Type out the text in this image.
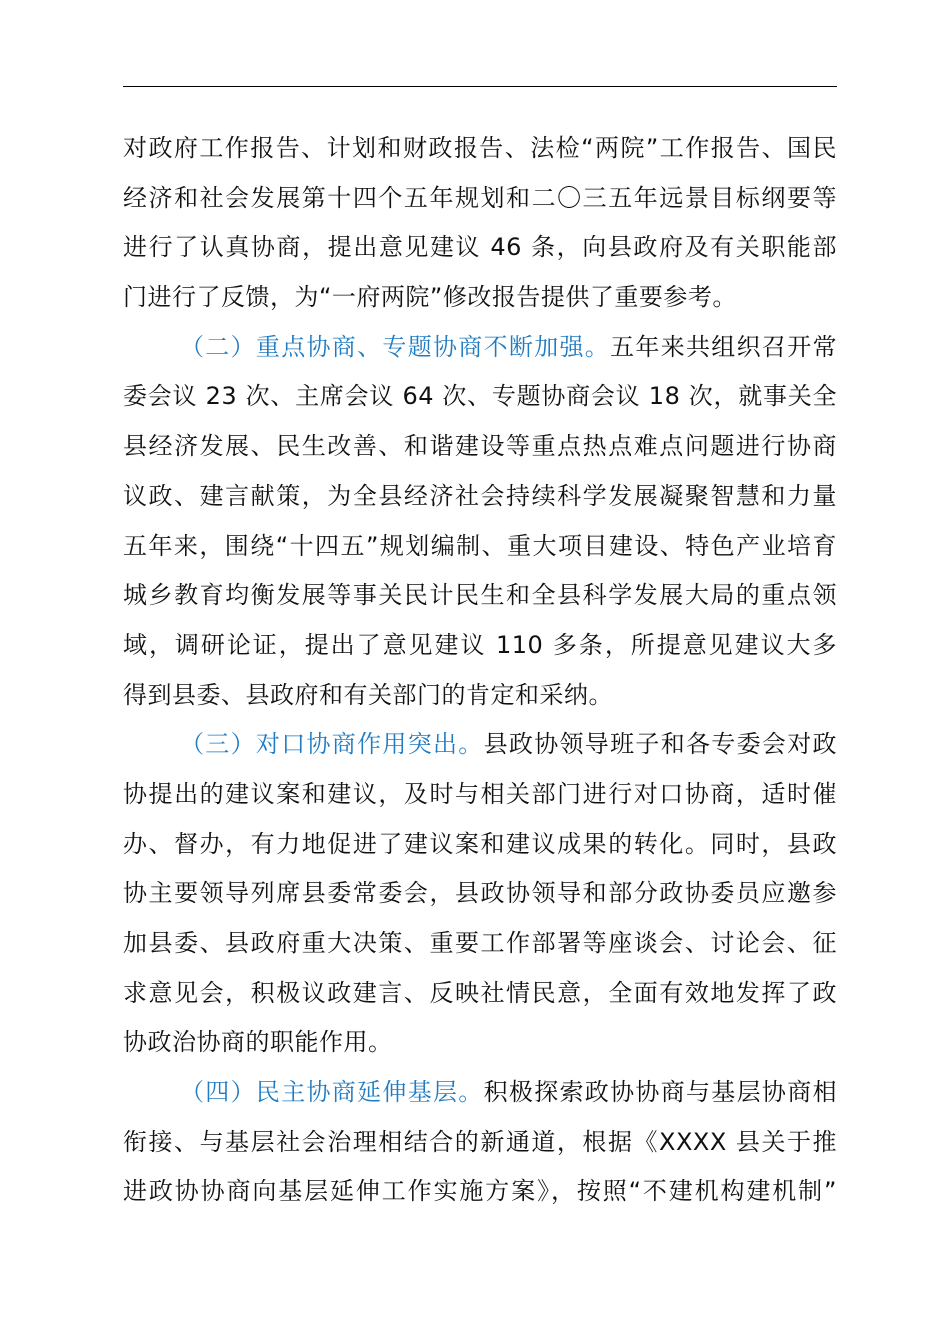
对政府工作报告、计划和财政报告、法检“两院”工作报告、国民
经济和社会发展第十四个五年规划和二〇三五年远景目标纲要等
进行了认真协商，提出意见建议 46 条，向县政府及有关职能部
门进行了反馈，为“一府两院”修改报告提供了重要参考。
（二）重点协商、专题协商不断加强。五年来共组织召开常
委会议 23 次、主席会议 64 次、专题协商会议 18 次，就事关全
县经济发展、民生改善、和谐建设等重点热点难点问题进行协商
议政、建言献策，为全县经济社会持续科学发展凝聚智慧和力量
五年来，围绕“十四五”规划编制、重大项目建设、特色产业培育
城乡教育均衡发展等事关民计民生和全县科学发展大局的重点领
域，调研论证，提出了意见建议 110 多条，所提意见建议大多
得到县委、县政府和有关部门的肯定和采纳。
（三）对口协商作用突出。县政协领导班子和各专委会对政
协提出的建议案和建议，及时与相关部门进行对口协商，适时催
办、督办，有力地促进了建议案和建议成果的转化。同时，县政
协主要领导列席县委常委会，县政协领导和部分政协委员应邀参
加县委、县政府重大决策、重要工作部署等座谈会、讨论会、征
求意见会，积极议政建言、反映社情民意，全面有效地发挥了政
协政治协商的职能作用。
（四）民主协商延伸基层。积极探索政协协商与基层协商相
衔接、与基层社会治理相结合的新通道，根据《XXXX 县关于推
进政协协商向基层延伸工作实施方案》，按照“不建机构建机制”
